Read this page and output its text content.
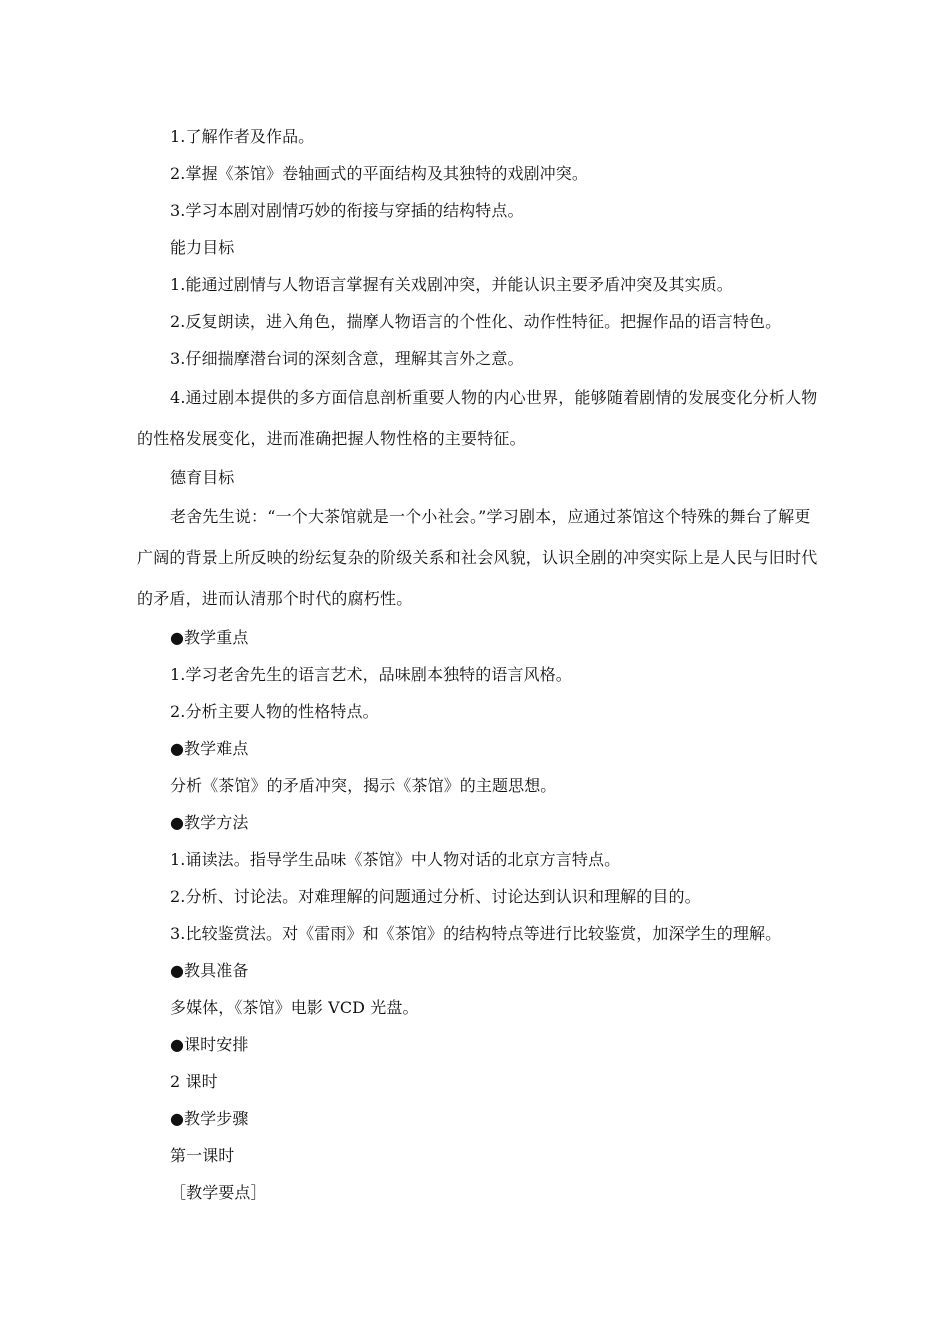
1.了解作者及作品。

2.掌握《茶馆》卷轴画式的平面结构及其独特的戏剧冲突。

3.学习本剧对剧情巧妙的衔接与穿插的结构特点。

能力目标

1.能通过剧情与人物语言掌握有关戏剧冲突，并能认识主要矛盾冲突及其实质。

2.反复朗读，进入角色，揣摩人物语言的个性化、动作性特征。把握作品的语言特色。

3.仔细揣摩潜台词的深刻含意，理解其言外之意。

4.通过剧本提供的多方面信息剖析重要人物的内心世界，能够随着剧情的发展变化分析人物的性格发展变化，进而准确把握人物性格的主要特征。

德育目标

老舍先生说：“一个大茶馆就是一个小社会。”学习剧本，应通过茶馆这个特殊的舞台了解更广阔的背景上所反映的纷纭复杂的阶级关系和社会风貌，认识全剧的冲突实际上是人民与旧时代的矛盾，进而认清那个时代的腐朽性。

●教学重点

1.学习老舍先生的语言艺术，品味剧本独特的语言风格。

2.分析主要人物的性格特点。

●教学难点

分析《茶馆》的矛盾冲突，揭示《茶馆》的主题思想。

●教学方法

1.诵读法。指导学生品味《茶馆》中人物对话的北京方言特点。

2.分析、讨论法。对难理解的问题通过分析、讨论达到认识和理解的目的。

3.比较鉴赏法。对《雷雨》和《茶馆》的结构特点等进行比较鉴赏，加深学生的理解。

●教具准备

多媒体，《茶馆》电影 VCD 光盘。

●课时安排

2 课时

●教学步骤

第一课时

［教学要点］
